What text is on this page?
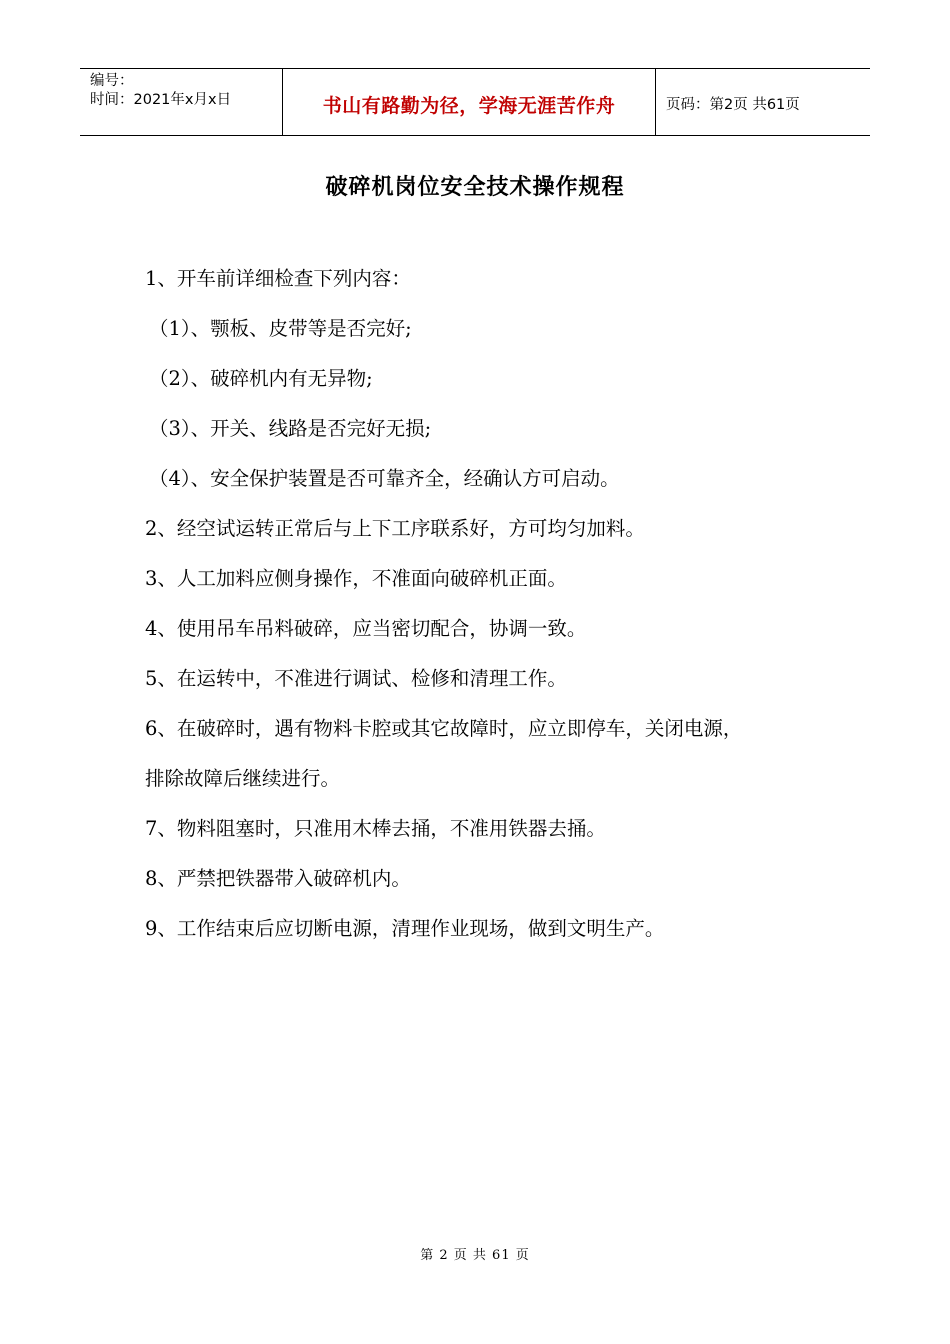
编号：
时间：2021年x月x日	书山有路勤为径，学海无涯苦作舟	页码：第2页 共61页
破碎机岗位安全技术操作规程
1、开车前详细检查下列内容：
（1）、颚板、皮带等是否完好;
（2）、破碎机内有无异物;
（3）、开关、线路是否完好无损;
（4）、安全保护装置是否可靠齐全，经确认方可启动。
2、经空试运转正常后与上下工序联系好，方可均匀加料。
3、人工加料应侧身操作，不准面向破碎机正面。
4、使用吊车吊料破碎，应当密切配合，协调一致。
5、在运转中，不准进行调试、检修和清理工作。
6、在破碎时，遇有物料卡腔或其它故障时，应立即停车，关闭电源，
排除故障后继续进行。
7、物料阻塞时，只准用木棒去捅，不准用铁器去捅。
8、严禁把铁器带入破碎机内。
9、工作结束后应切断电源，清理作业现场，做到文明生产。
第 2 页 共 61 页
